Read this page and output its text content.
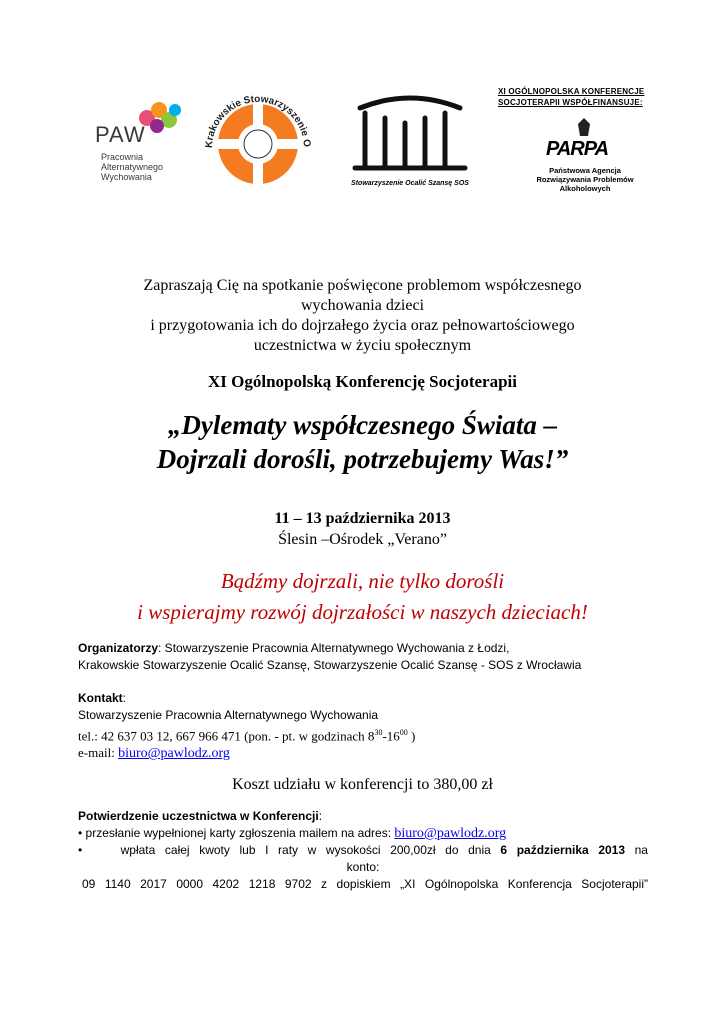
PAW
Pracownia
Alternatywnego
Wychowania
Krakowskie Stowarzyszenie O
Stowarzyszenie Ocalić Szansę SOS
XI OGÓLNOPOLSKA KONFERENCJE
SOCJOTERAPII WSPÓŁFINANSUJE:
PARPA
Państwowa Agencja
Rozwiązywania Problemów Alkoholowych
Zapraszają Cię na spotkanie poświęcone problemom współczesnego
wychowania dzieci
i przygotowania ich do dojrzałego życia oraz pełnowartościowego
uczestnictwa w życiu społecznym
XI Ogólnopolską Konferencję Socjoterapii
„Dylematy współczesnego Świata –
Dojrzali dorośli, potrzebujemy Was!”
11 – 13 października 2013
Ślesin –Ośrodek „Verano”
Bądźmy dojrzali, nie tylko dorośli
i wspierajmy rozwój dojrzałości w naszych dzieciach!
Organizatorzy: Stowarzyszenie Pracownia Alternatywnego Wychowania z Łodzi,
Krakowskie Stowarzyszenie Ocalić Szansę, Stowarzyszenie Ocalić Szansę - SOS z Wrocławia
Kontakt:
Stowarzyszenie Pracownia Alternatywnego Wychowania
tel.: 42 637 03 12, 667 966 471 (pon. - pt. w godzinach $8^{30}-16^{00}$ )
e-mail: biuro@pawlodz.org
Koszt udziału w konferencji to 380,00 zł
Potwierdzenie uczestnictwa w Konferencji:
• przesłanie wypełnionej karty zgłoszenia mailem na adres: biuro@pawlodz.org
•	wpłata całej kwoty lub I raty w wysokości 200,00zł do dnia 6 października 2013 na
konto:
09 1140 2017 0000 4202 1218 9702 z dopiskiem „XI Ogólnopolska Konferencja Socjoterapii”
